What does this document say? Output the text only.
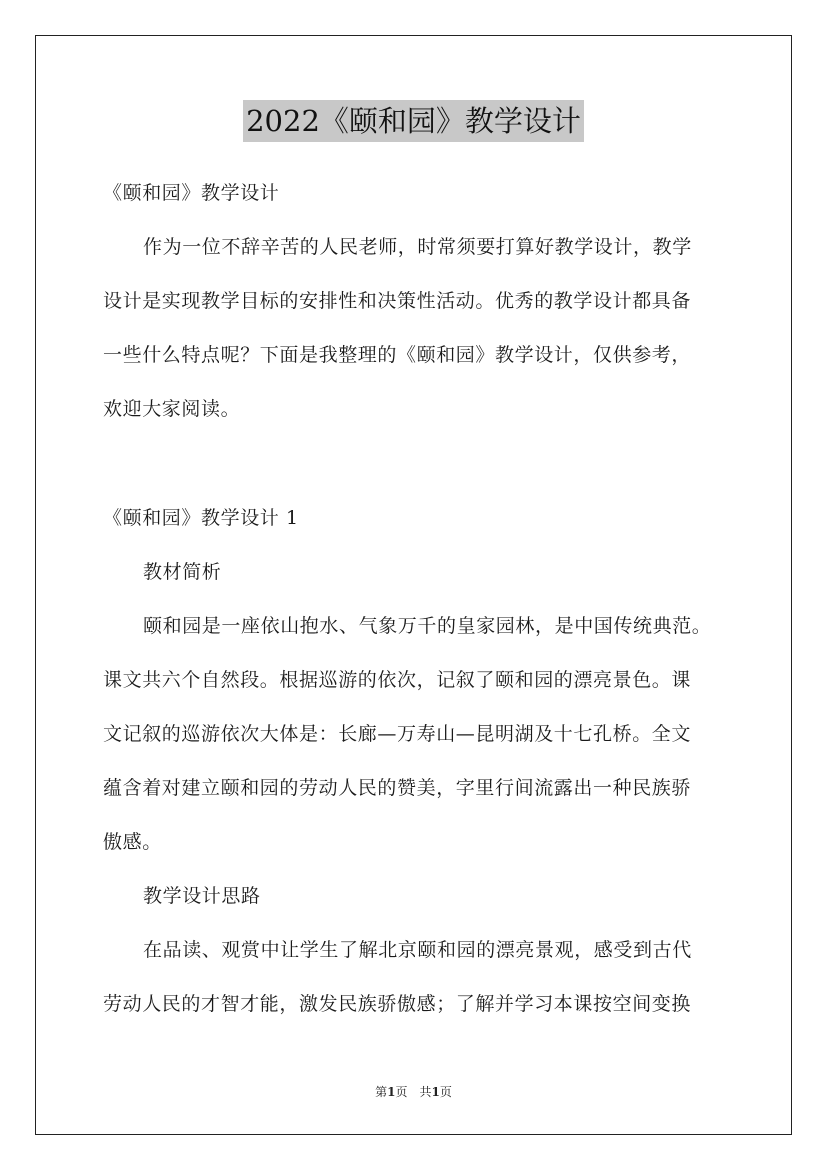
2022《颐和园》教学设计
《颐和园》教学设计
作为一位不辞辛苦的人民老师，时常须要打算好教学设计，教学
设计是实现教学目标的安排性和决策性活动。优秀的教学设计都具备
一些什么特点呢？下面是我整理的《颐和园》教学设计，仅供参考，
欢迎大家阅读。
《颐和园》教学设计 1
教材简析
颐和园是一座依山抱水、气象万千的皇家园林，是中国传统典范。
课文共六个自然段。根据巡游的依次，记叙了颐和园的漂亮景色。课
文记叙的巡游依次大体是：长廊—万寿山—昆明湖及十七孔桥。全文
蕴含着对建立颐和园的劳动人民的赞美，字里行间流露出一种民族骄
傲感。
教学设计思路
在品读、观赏中让学生了解北京颐和园的漂亮景观，感受到古代
劳动人民的才智才能，激发民族骄傲感；了解并学习本课按空间变换
第1页　共1页
